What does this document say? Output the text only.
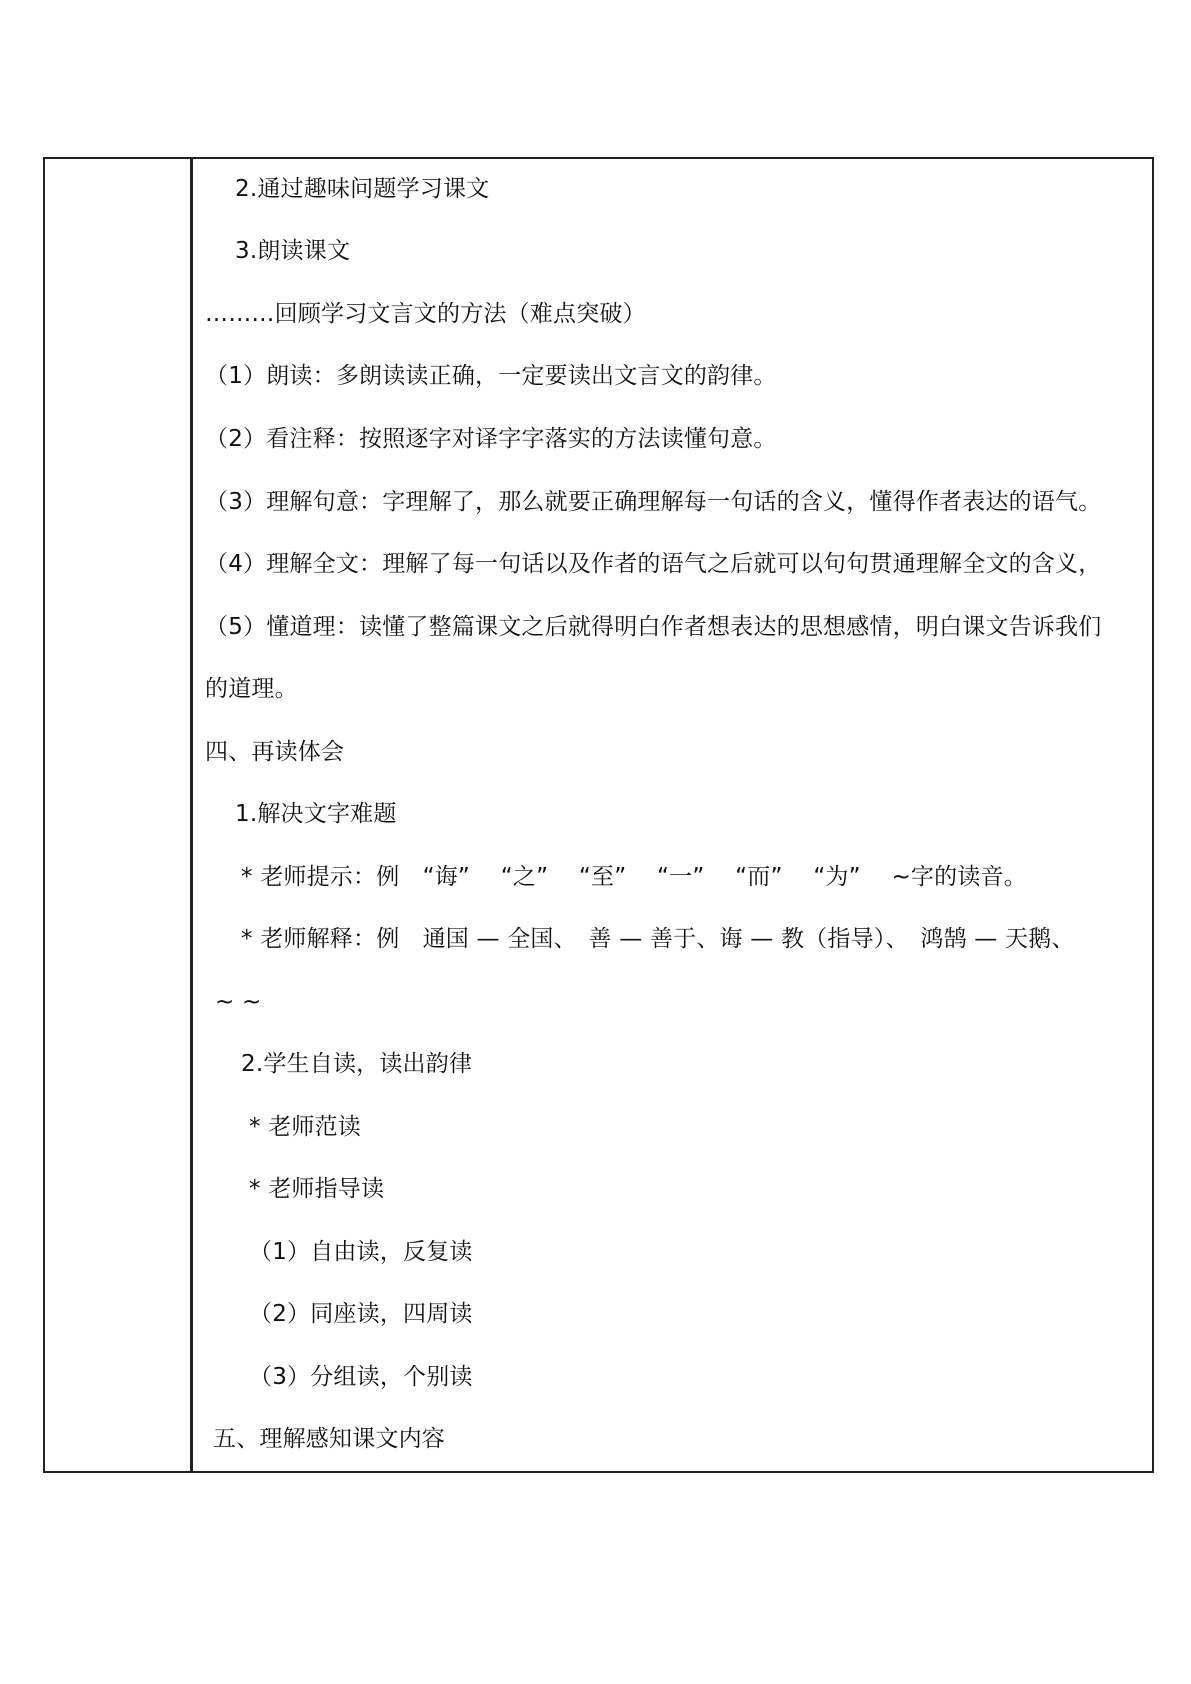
2.通过趣味问题学习课文
3.朗读课文
………回顾学习文言文的方法（难点突破）
（1）朗读：多朗读读正确，一定要读出文言文的韵律。
（2）看注释：按照逐字对译字字落实的方法读懂句意。
（3）理解句意：字理解了，那么就要正确理解每一句话的含义，懂得作者表达的语气。
（4）理解全文：理解了每一句话以及作者的语气之后就可以句句贯通理解全文的含义，
（5）懂道理：读懂了整篇课文之后就得明白作者想表达的思想感情，明白课文告诉我们
的道理。
四、再读体会
1.解决文字难题
* 老师提示：例　“诲”　 “之”　 “至”　 “一”　 “而”　 “为”　 ~字的读音。
* 老师解释：例　通国 — 全国、　善 — 善于、诲 — 教（指导）、　鸿鹄 — 天鹅、
~ ~
2.学生自读，读出韵律
* 老师范读
* 老师指导读
（1）自由读，反复读
（2）同座读，四周读
（3）分组读，个别读
五、理解感知课文内容
